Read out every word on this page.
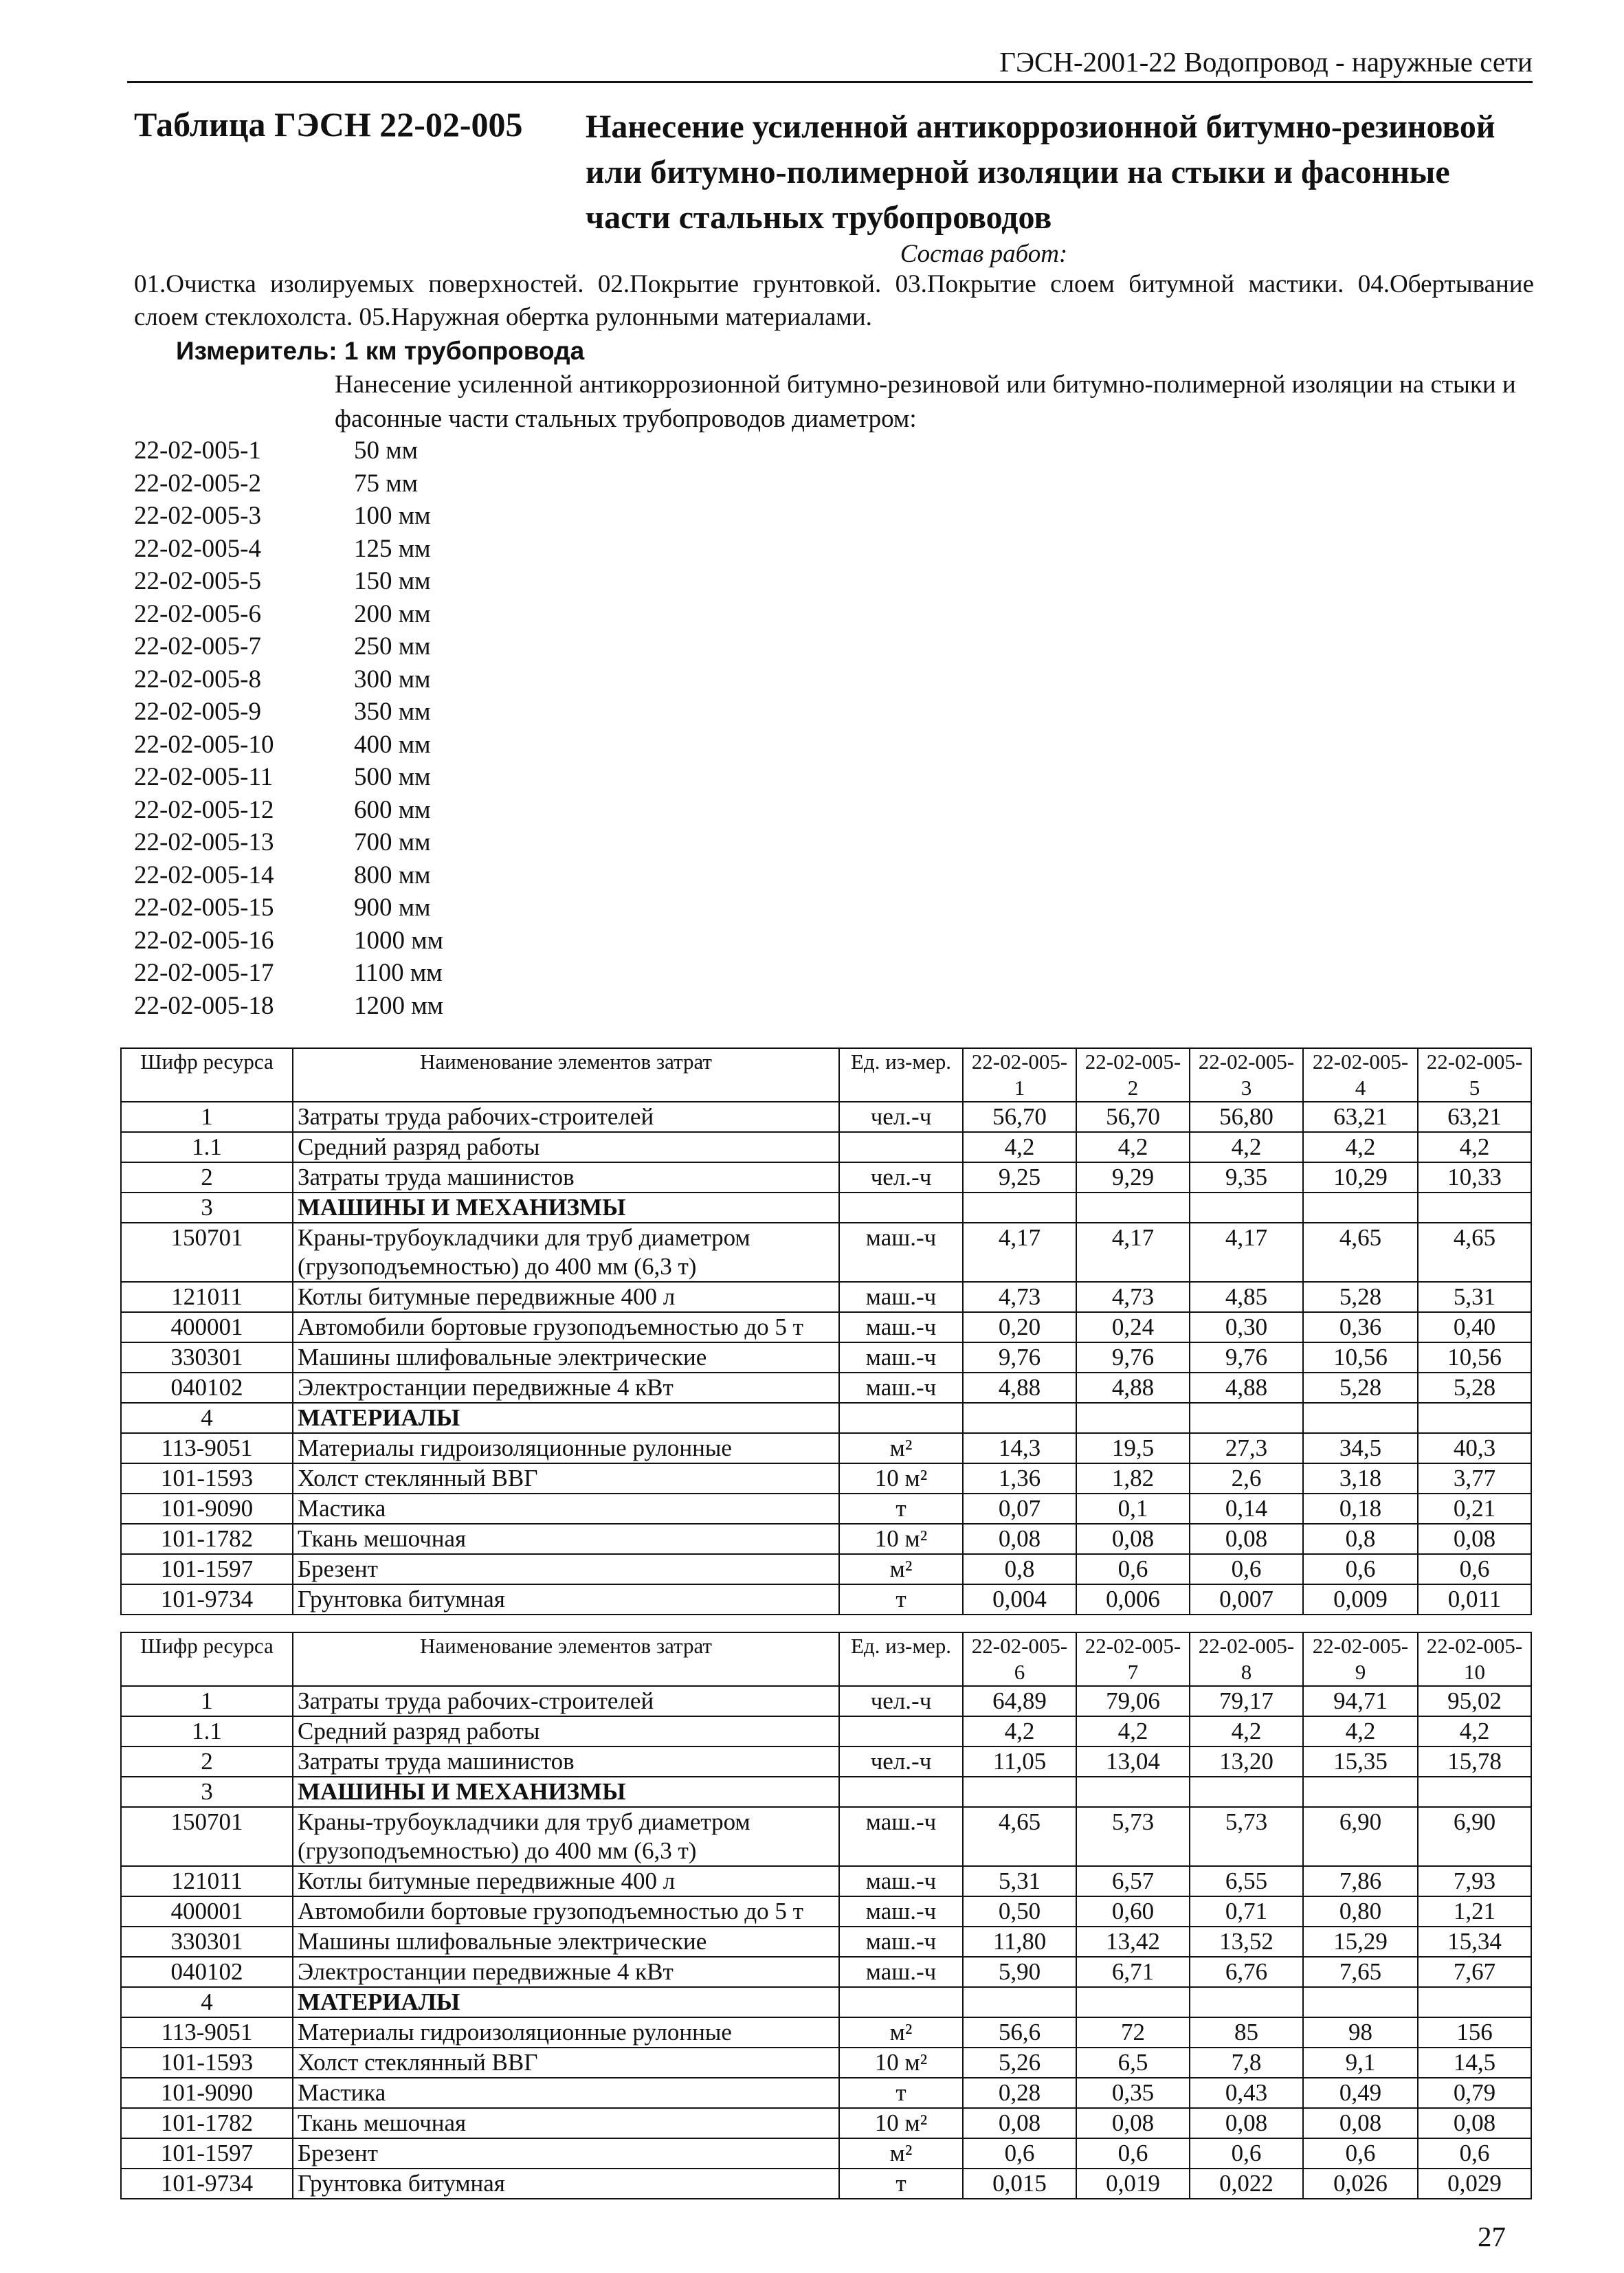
ГЭСН-2001-22 Водопровод - наружные сети
Таблица ГЭСН 22-02-005 Нанесение усиленной антикоррозионной битумно-резиновой или битумно-полимерной изоляции на стыки и фасонные части стальных трубопроводов
Состав работ:
01.Очистка изолируемых поверхностей. 02.Покрытие грунтовкой. 03.Покрытие слоем битумной мастики. 04.Обертывание слоем стеклохолста. 05.Наружная обертка рулонными материалами.
Измеритель: 1 км трубопровода
Нанесение усиленной антикоррозионной битумно-резиновой или битумно-полимерной изоляции на стыки и фасонные части стальных трубопроводов диаметром:
22-02-005-1	50 мм
22-02-005-2	75 мм
22-02-005-3	100 мм
22-02-005-4	125 мм
22-02-005-5	150 мм
22-02-005-6	200 мм
22-02-005-7	250 мм
22-02-005-8	300 мм
22-02-005-9	350 мм
22-02-005-10	400 мм
22-02-005-11	500 мм
22-02-005-12	600 мм
22-02-005-13	700 мм
22-02-005-14	800 мм
22-02-005-15	900 мм
22-02-005-16	1000 мм
22-02-005-17	1100 мм
22-02-005-18	1200 мм
Шифр ресурса	Наименование элементов затрат	Ед. из-мер.	22-02-005-1	22-02-005-2	22-02-005-3	22-02-005-4	22-02-005-5
1	Затраты труда рабочих-строителей	чел.-ч	56,70	56,70	56,80	63,21	63,21
1.1	Средний разряд работы		4,2	4,2	4,2	4,2	4,2
2	Затраты труда машинистов	чел.-ч	9,25	9,29	9,35	10,29	10,33
3	МАШИНЫ И МЕХАНИЗМЫ						
150701	Краны-трубоукладчики для труб диаметром (грузоподъемностью) до 400 мм (6,3 т)	маш.-ч	4,17	4,17	4,17	4,65	4,65
121011	Котлы битумные передвижные 400 л	маш.-ч	4,73	4,73	4,85	5,28	5,31
400001	Автомобили бортовые грузоподъемностью до 5 т	маш.-ч	0,20	0,24	0,30	0,36	0,40
330301	Машины шлифовальные электрические	маш.-ч	9,76	9,76	9,76	10,56	10,56
040102	Электростанции передвижные 4 кВт	маш.-ч	4,88	4,88	4,88	5,28	5,28
4	МАТЕРИАЛЫ						
113-9051	Материалы гидроизоляционные рулонные	м²	14,3	19,5	27,3	34,5	40,3
101-1593	Холст стеклянный ВВГ	10 м²	1,36	1,82	2,6	3,18	3,77
101-9090	Мастика	т	0,07	0,1	0,14	0,18	0,21
101-1782	Ткань мешочная	10 м²	0,08	0,08	0,08	0,8	0,08
101-1597	Брезент	м²	0,8	0,6	0,6	0,6	0,6
101-9734	Грунтовка битумная	т	0,004	0,006	0,007	0,009	0,011
Шифр ресурса	Наименование элементов затрат	Ед. из-мер.	22-02-005-6	22-02-005-7	22-02-005-8	22-02-005-9	22-02-005-10
1	Затраты труда рабочих-строителей	чел.-ч	64,89	79,06	79,17	94,71	95,02
1.1	Средний разряд работы		4,2	4,2	4,2	4,2	4,2
2	Затраты труда машинистов	чел.-ч	11,05	13,04	13,20	15,35	15,78
3	МАШИНЫ И МЕХАНИЗМЫ						
150701	Краны-трубоукладчики для труб диаметром (грузоподъемностью) до 400 мм (6,3 т)	маш.-ч	4,65	5,73	5,73	6,90	6,90
121011	Котлы битумные передвижные 400 л	маш.-ч	5,31	6,57	6,55	7,86	7,93
400001	Автомобили бортовые грузоподъемностью до 5 т	маш.-ч	0,50	0,60	0,71	0,80	1,21
330301	Машины шлифовальные электрические	маш.-ч	11,80	13,42	13,52	15,29	15,34
040102	Электростанции передвижные 4 кВт	маш.-ч	5,90	6,71	6,76	7,65	7,67
4	МАТЕРИАЛЫ						
113-9051	Материалы гидроизоляционные рулонные	м²	56,6	72	85	98	156
101-1593	Холст стеклянный ВВГ	10 м²	5,26	6,5	7,8	9,1	14,5
101-9090	Мастика	т	0,28	0,35	0,43	0,49	0,79
101-1782	Ткань мешочная	10 м²	0,08	0,08	0,08	0,08	0,08
101-1597	Брезент	м²	0,6	0,6	0,6	0,6	0,6
101-9734	Грунтовка битумная	т	0,015	0,019	0,022	0,026	0,029
27
